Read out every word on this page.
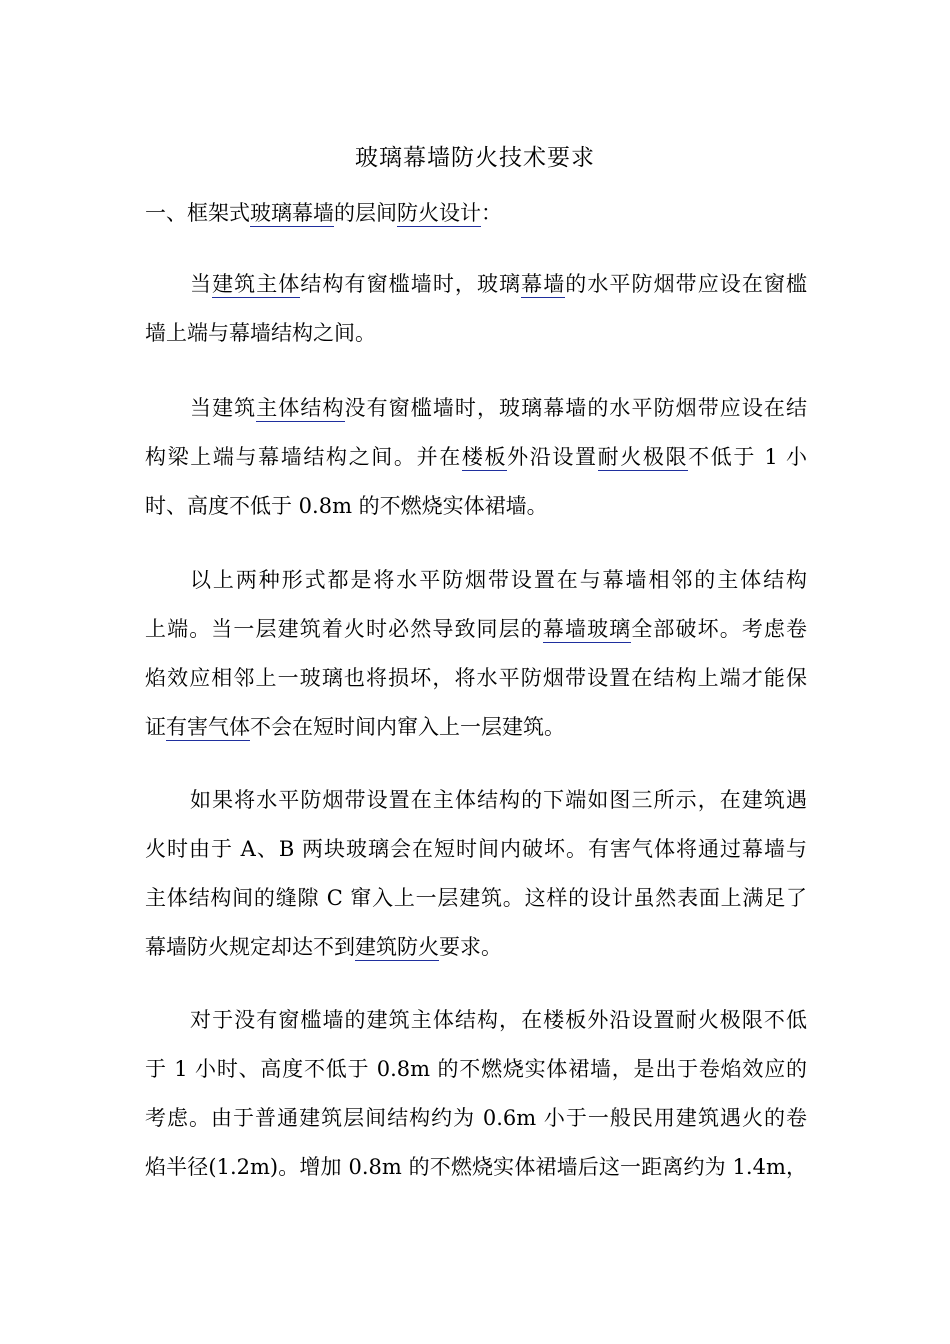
玻璃幕墙防火技术要求
一、框架式玻璃幕墙的层间防火设计：
当建筑主体结构有窗槛墙时，玻璃幕墙的水平防烟带应设在窗槛
墙上端与幕墙结构之间。
当建筑主体结构没有窗槛墙时，玻璃幕墙的水平防烟带应设在结
构梁上端与幕墙结构之间。并在楼板外沿设置耐火极限不低于 1 小
时、高度不低于 0.8m 的不燃烧实体裙墙。
以上两种形式都是将水平防烟带设置在与幕墙相邻的主体结构
上端。当一层建筑着火时必然导致同层的幕墙玻璃全部破坏。考虑卷
焰效应相邻上一玻璃也将损坏，将水平防烟带设置在结构上端才能保
证有害气体不会在短时间内窜入上一层建筑。
如果将水平防烟带设置在主体结构的下端如图三所示，在建筑遇
火时由于 A、B 两块玻璃会在短时间内破坏。有害气体将通过幕墙与
主体结构间的缝隙 C 窜入上一层建筑。这样的设计虽然表面上满足了
幕墙防火规定却达不到建筑防火要求。
对于没有窗槛墙的建筑主体结构，在楼板外沿设置耐火极限不低
于 1 小时、高度不低于 0.8m 的不燃烧实体裙墙，是出于卷焰效应的
考虑。由于普通建筑层间结构约为 0.6m 小于一般民用建筑遇火的卷
焰半径(1.2m)。增加 0.8m 的不燃烧实体裙墙后这一距离约为 1.4m，
